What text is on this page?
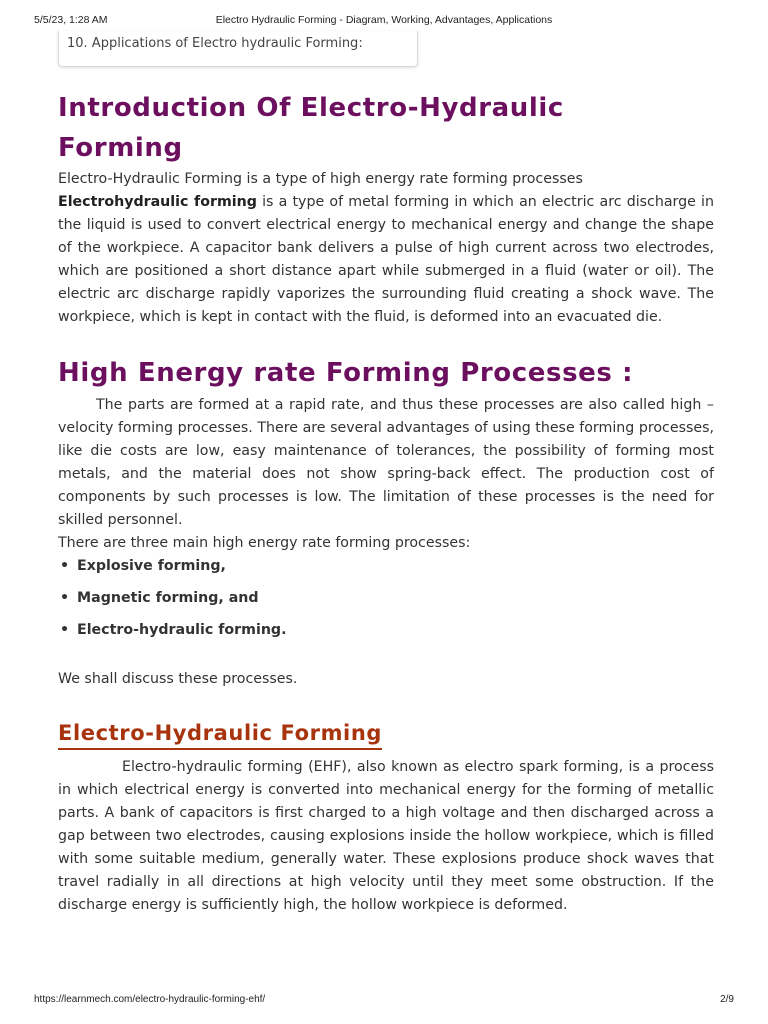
5/5/23, 1:28 AM	Electro Hydraulic Forming - Diagram, Working, Advantages, Applications
10. Applications of Electro hydraulic Forming:
Introduction Of Electro-Hydraulic
Forming

Electro-Hydraulic Forming is a type of high energy rate forming processes

Electrohydraulic forming is a type of metal forming in which an electric arc discharge in the liquid is used to convert electrical energy to mechanical energy and change the shape of the workpiece. A capacitor bank delivers a pulse of high current across two electrodes, which are positioned a short distance apart while submerged in a fluid (water or oil). The electric arc discharge rapidly vaporizes the surrounding fluid creating a shock wave. The workpiece, which is kept in contact with the fluid, is deformed into an evacuated die.

High Energy rate Forming Processes :

The parts are formed at a rapid rate, and thus these processes are also called high – velocity forming processes. There are several advantages of using these forming processes, like die costs are low, easy maintenance of tolerances, the possibility of forming most metals, and the material does not show spring-back effect. The production cost of components by such processes is low. The limitation of these processes is the need for skilled personnel.

There are three main high energy rate forming processes:

• Explosive forming,
• Magnetic forming, and
• Electro-hydraulic forming.

We shall discuss these processes.

Electro-Hydraulic Forming

Electro-hydraulic forming (EHF), also known as electro spark forming, is a process in which electrical energy is converted into mechanical energy for the forming of metallic parts. A bank of capacitors is first charged to a high voltage and then discharged across a gap between two electrodes, causing explosions inside the hollow workpiece, which is filled with some suitable medium, generally water. These explosions produce shock waves that travel radially in all directions at high velocity until they meet some obstruction. If the discharge energy is sufficiently high, the hollow workpiece is deformed.

https://learnmech.com/electro-hydraulic-forming-ehf/	2/9
